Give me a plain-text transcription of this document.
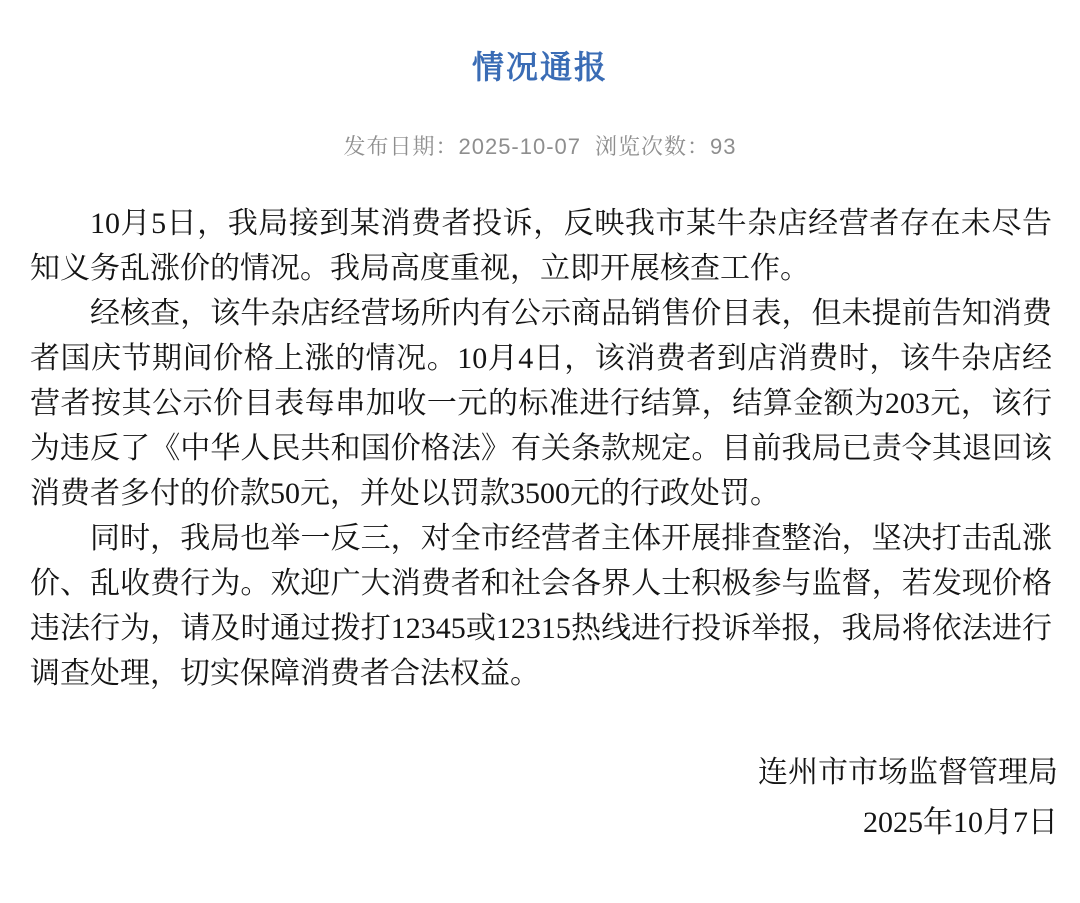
情况通报
发布日期：2025-10-07 浏览次数：93

10月5日，我局接到某消费者投诉，反映我市某牛杂店经营者存在未尽告知义务乱涨价的情况。我局高度重视，立即开展核查工作。

经核查，该牛杂店经营场所内有公示商品销售价目表，但未提前告知消费者国庆节期间价格上涨的情况。10月4日，该消费者到店消费时，该牛杂店经营者按其公示价目表每串加收一元的标准进行结算，结算金额为203元，该行为违反了《中华人民共和国价格法》有关条款规定。目前我局已责令其退回该消费者多付的价款50元，并处以罚款3500元的行政处罚。

同时，我局也举一反三，对全市经营者主体开展排查整治，坚决打击乱涨价、乱收费行为。欢迎广大消费者和社会各界人士积极参与监督，若发现价格违法行为，请及时通过拨打12345或12315热线进行投诉举报，我局将依法进行调查处理，切实保障消费者合法权益。

连州市市场监督管理局
2025年10月7日
